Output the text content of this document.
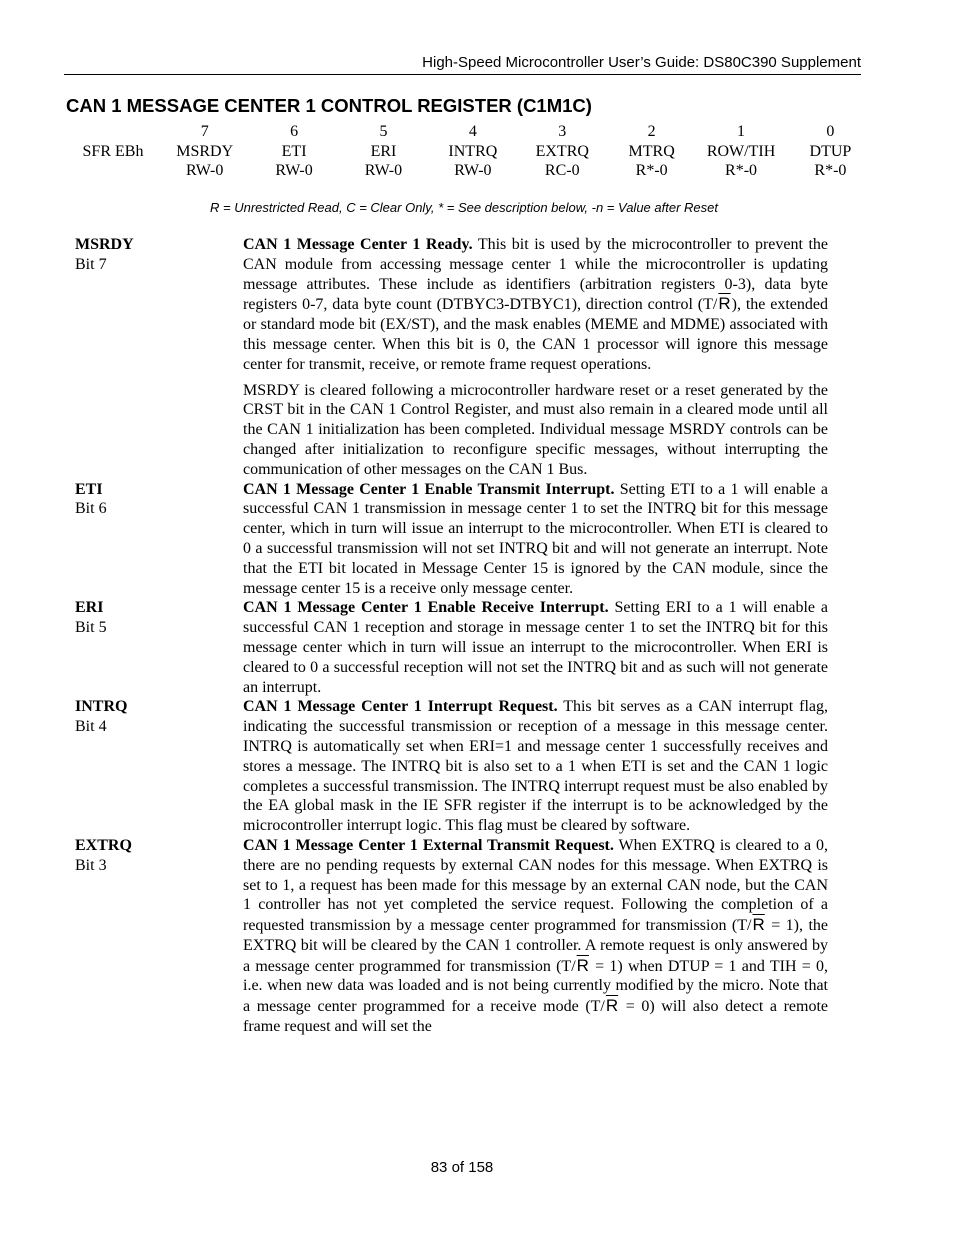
High-Speed Microcontroller User’s Guide: DS80C390 Supplement
CAN 1 MESSAGE CENTER 1 CONTROL REGISTER (C1M1C)
	7	6	5	4	3	2	1	0
SFR EBh	MSRDY	ETI	ERI	INTRQ	EXTRQ	MTRQ	ROW/TIH	DTUP
	RW-0	RW-0	RW-0	RW-0	RC-0	R*-0	R*-0	R*-0
R = Unrestricted Read, C = Clear Only, * = See description below, -n = Value after Reset
MSRDY
Bit 7

CAN 1 Message Center 1 Ready. This bit is used by the microcontroller to prevent the CAN module from accessing message center 1 while the microcontroller is updating message attributes. These include as identifiers (arbitration registers 0-3), data byte registers 0-7, data byte count (DTBYC3-DTBYC1), direction control $(T/\overline{R})$, the extended or standard mode bit (EX/ST), and the mask enables (MEME and MDME) associated with this message center. When this bit is 0, the CAN 1 processor will ignore this message center for transmit, receive, or remote frame request operations.

MSRDY is cleared following a microcontroller hardware reset or a reset generated by the CRST bit in the CAN 1 Control Register, and must also remain in a cleared mode until all the CAN 1 initialization has been completed. Individual message MSRDY controls can be changed after initialization to reconfigure specific messages, without interrupting the communication of other messages on the CAN 1 Bus.

ETI
Bit 6

CAN 1 Message Center 1 Enable Transmit Interrupt. Setting ETI to a 1 will enable a successful CAN 1 transmission in message center 1 to set the INTRQ bit for this message center, which in turn will issue an interrupt to the microcontroller. When ETI is cleared to 0 a successful transmission will not set INTRQ bit and will not generate an interrupt. Note that the ETI bit located in Message Center 15 is ignored by the CAN module, since the message center 15 is a receive only message center.

ERI
Bit 5

CAN 1 Message Center 1 Enable Receive Interrupt. Setting ERI to a 1 will enable a successful CAN 1 reception and storage in message center 1 to set the INTRQ bit for this message center which in turn will issue an interrupt to the microcontroller. When ERI is cleared to 0 a successful reception will not set the INTRQ bit and as such will not generate an interrupt.

INTRQ
Bit 4

CAN 1 Message Center 1 Interrupt Request. This bit serves as a CAN interrupt flag, indicating the successful transmission or reception of a message in this message center. INTRQ is automatically set when ERI=1 and message center 1 successfully receives and stores a message. The INTRQ bit is also set to a 1 when ETI is set and the CAN 1 logic completes a successful transmission. The INTRQ interrupt request must be also enabled by the EA global mask in the IE SFR register if the interrupt is to be acknowledged by the microcontroller interrupt logic. This flag must be cleared by software.

EXTRQ
Bit 3

CAN 1 Message Center 1 External Transmit Request. When EXTRQ is cleared to a 0, there are no pending requests by external CAN nodes for this message. When EXTRQ is set to 1, a request has been made for this message by an external CAN node, but the CAN 1 controller has not yet completed the service request. Following the completion of a requested transmission by a message center programmed for transmission $(T/\overline{R} = 1)$, the EXTRQ bit will be cleared by the CAN 1 controller. A remote request is only answered by a message center programmed for transmission $(T/\overline{R} = 1)$ when DTUP = 1 and TIH = 0, i.e. when new data was loaded and is not being currently modified by the micro. Note that a message center programmed for a receive mode $(T/\overline{R} = 0)$ will also detect a remote frame request and will set the

83 of 158
